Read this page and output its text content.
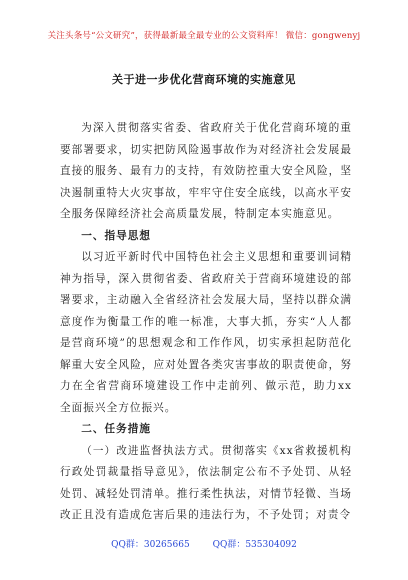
关注头条号“公文研究”，获得最新最全最专业的公文资料库！ 微信：gongwenyj
关于进一步优化营商环境的实施意见

为深入贯彻落实省委、省政府关于优化营商环境的重要部署要求，切实把防风险遏事故作为对经济社会发展最直接的服务、最有力的支持，有效防控重大安全风险，坚决遏制重特大火灾事故，牢牢守住安全底线，以高水平安全服务保障经济社会高质量发展，特制定本实施意见。

一、指导思想

以习近平新时代中国特色社会主义思想和重要训词精神为指导，深入贯彻省委、省政府关于营商环境建设的部署要求，主动融入全省经济社会发展大局，坚持以群众满意度作为衡量工作的唯一标准，大事大抓，夯实“人人都是营商环境”的思想观念和工作作风，切实承担起防范化解重大安全风险，应对处置各类灾害事故的职责使命，努力在全省营商环境建设工作中走前列、做示范，助力xx全面振兴全方位振兴。

二、任务措施

（一）改进监督执法方式。贯彻落实《xx省救援机构行政处罚裁量指导意见》，依法制定公布不予处罚、从轻处罚、减轻处罚清单。推行柔性执法，对情节轻微、当场改正且没有造成危害后果的违法行为，不予处罚；对责令

QQ群：30265665	QQ群：535304092
